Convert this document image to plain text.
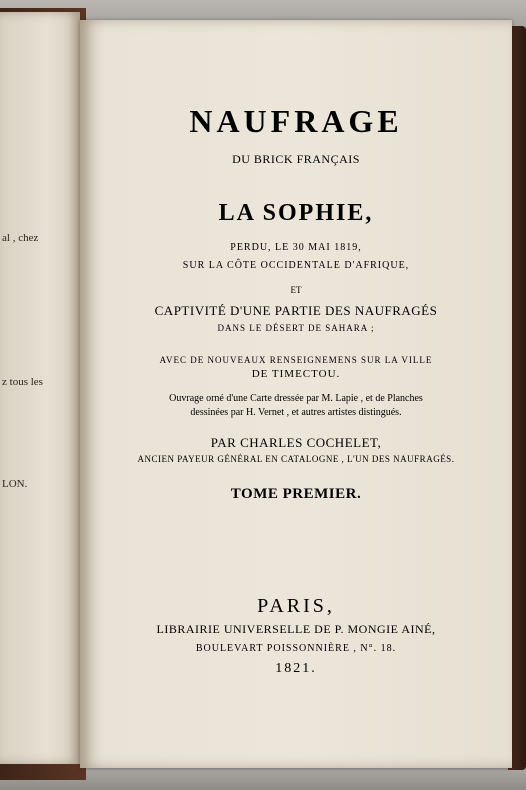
al , chez
z tous les
LON.
NAUFRAGE
DU BRICK FRANÇAIS
LA SOPHIE,
PERDU, LE 30 MAI 1819,
SUR LA CÔTE OCCIDENTALE D'AFRIQUE,
ET
CAPTIVITÉ D'UNE PARTIE DES NAUFRAGÉS
DANS LE DÉSERT DE SAHARA ;
AVEC DE NOUVEAUX RENSEIGNEMENS SUR LA VILLE
DE TIMECTOU.
Ouvrage orné d'une Carte dressée par M. Lapie , et de Planches
dessinées par H. Vernet , et autres artistes distingués.
PAR CHARLES COCHELET,
ANCIEN PAYEUR GÉNÉRAL EN CATALOGNE , L'UN DES NAUFRAGÉS.
TOME PREMIER.
PARIS,
LIBRAIRIE UNIVERSELLE DE P. MONGIE AINÉ,
BOULEVART POISSONNIÈRE , N°. 18.
1821.
